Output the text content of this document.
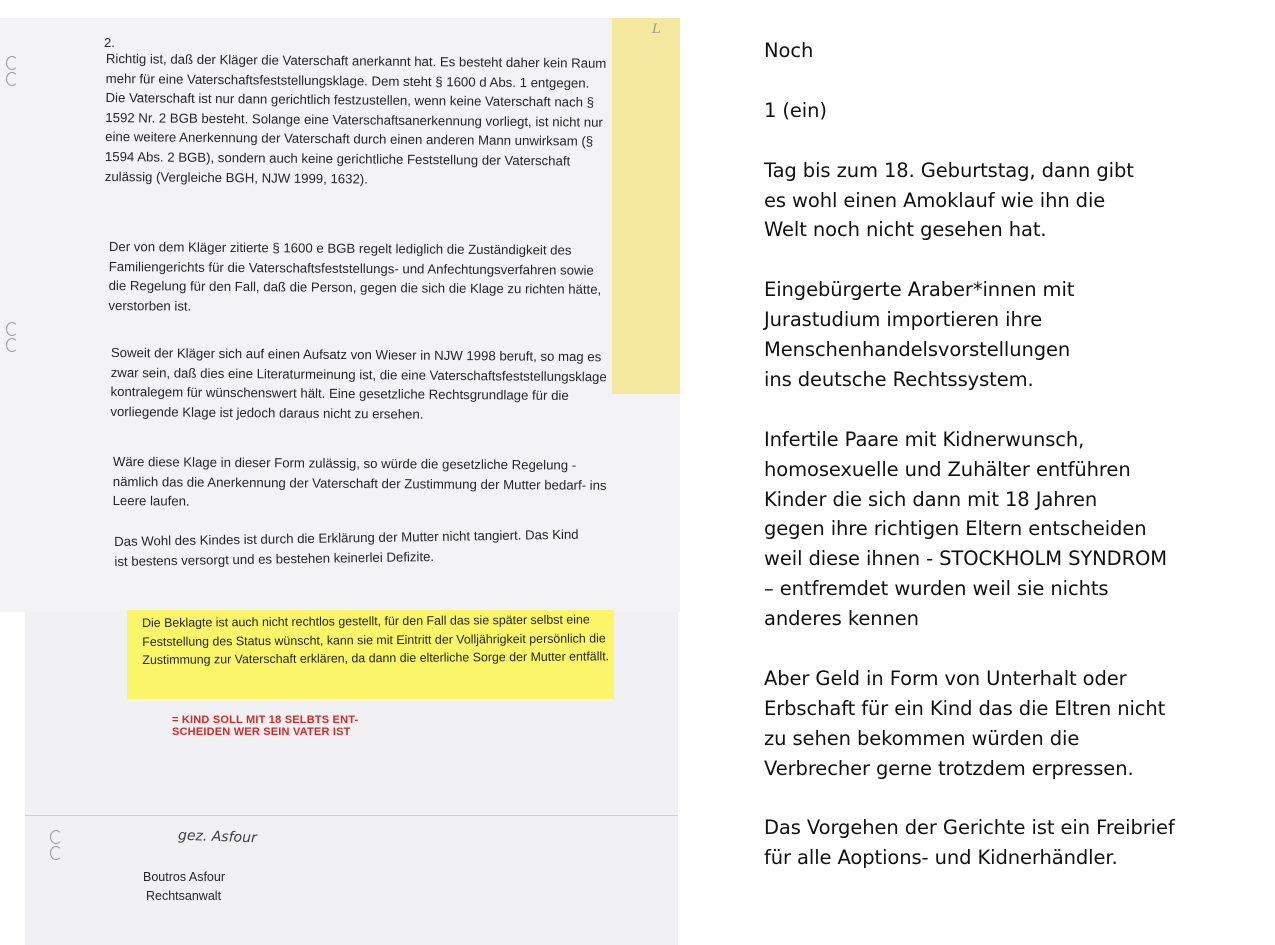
L
2.

Richtig ist, daß der Kläger die Vaterschaft anerkannt hat. Es besteht daher kein Raum mehr für eine Vaterschaftsfeststellungsklage. Dem steht § 1600 d Abs. 1 entgegen. Die Vaterschaft ist nur dann gerichtlich festzustellen, wenn keine Vaterschaft nach § 1592 Nr. 2 BGB besteht. Solange eine Vaterschaftsanerkennung vorliegt, ist nicht nur eine weitere Anerkennung der Vaterschaft durch einen anderen Mann unwirksam (§ 1594 Abs. 2 BGB), sondern auch keine gerichtliche Feststellung der Vaterschaft zulässig (Vergleiche BGH, NJW 1999, 1632).

Der von dem Kläger zitierte § 1600 e BGB regelt lediglich die Zuständigkeit des Familiengerichts für die Vaterschaftsfeststellungs- und Anfechtungsverfahren sowie die Regelung für den Fall, daß die Person, gegen die sich die Klage zu richten hätte, verstorben ist.

Soweit der Kläger sich auf einen Aufsatz von Wieser in NJW 1998 beruft, so mag es zwar sein, daß dies eine Literaturmeinung ist, die eine Vaterschaftsfeststellungsklage kontralegem für wünschenswert hält. Eine gesetzliche Rechtsgrundlage für die vorliegende Klage ist jedoch daraus nicht zu ersehen.

Wäre diese Klage in dieser Form zulässig, so würde die gesetzliche Regelung -nämlich das die Anerkennung der Vaterschaft der Zustimmung der Mutter bedarf- ins Leere laufen.

Das Wohl des Kindes ist durch die Erklärung der Mutter nicht tangiert. Das Kind ist bestens versorgt und es bestehen keinerlei Defizite.

Die Beklagte ist auch nicht rechtlos gestellt, für den Fall das sie später selbst eine Feststellung des Status wünscht, kann sie mit Eintritt der Volljährigkeit persönlich die Zustimmung zur Vaterschaft erklären, da dann die elterliche Sorge der Mutter entfällt.

= KIND SOLL MIT 18 SELBTS ENT-
SCHEIDEN WER SEIN VATER IST
gez. Asfour
Boutros Asfour
Rechtsanwalt
Noch
1 (ein)
Tag bis zum 18. Geburtstag, dann gibt
es wohl einen Amoklauf wie ihn die
Welt noch nicht gesehen hat.
Eingebürgerte Araber*innen mit
Jurastudium importieren ihre
Menschenhandelsvorstellungen
ins deutsche Rechtssystem.
Infertile Paare mit Kidnerwunsch,
homosexuelle und Zuhälter entführen
Kinder die sich dann mit 18 Jahren
gegen ihre richtigen Eltern entscheiden
weil diese ihnen - STOCKHOLM SYNDROM
– entfremdet wurden weil sie nichts
anderes kennen
Aber Geld in Form von Unterhalt oder
Erbschaft für ein Kind das die Eltren nicht
zu sehen bekommen würden die
Verbrecher gerne trotzdem erpressen.
Das Vorgehen der Gerichte ist ein Freibrief
für alle Aoptions- und Kidnerhändler.
